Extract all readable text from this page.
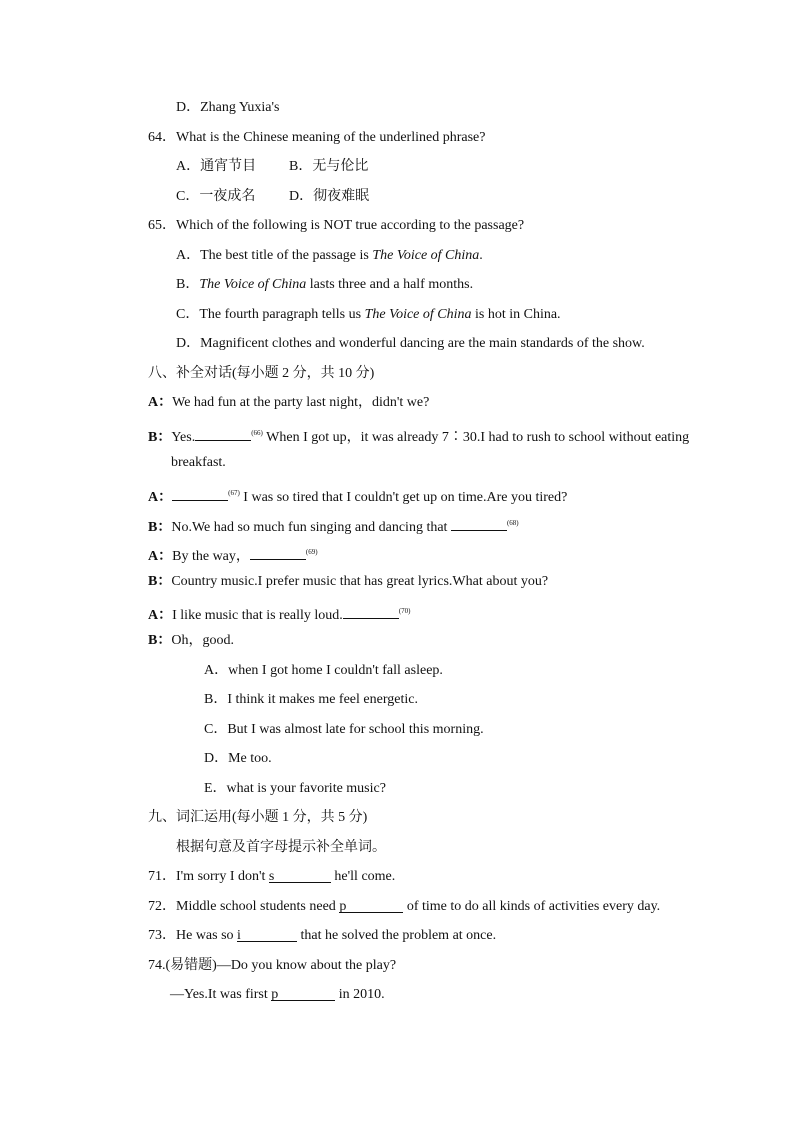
D．Zhang Yuxia's
64．What is the Chinese meaning of the underlined phrase?
A．通宵节目 B．无与伦比
C．一夜成名 D．彻夜难眠
65．Which of the following is NOT true according to the passage?
A．The best title of the passage is The Voice of China.
B．The Voice of China lasts three and a half months.
C．The fourth paragraph tells us The Voice of China is hot in China.
D．Magnificent clothes and wonderful dancing are the main standards of the show.
八、补全对话(每小题 2 分，共 10 分)
A：We had fun at the party last night，didn't we?
B：Yes.	$^{(66)}$ When I got up，it was already 7∶30.I had to rush to school without eating
breakfast.
A：	$^{(67)}$ I was so tired that I couldn't get up on time.Are you tired?
B：No.We had so much fun singing and dancing that	$^{(68)}$
A：By the way，	$^{(69)}$
B：Country music.I prefer music that has great lyrics.What about you?
A：I like music that is really loud.	$^{(70)}$
B：Oh，good.
A．when I got home I couldn't fall asleep.
B．I think it makes me feel energetic.
C．But I was almost late for school this morning.
D．Me too.
E．what is your favorite music?
九、词汇运用(每小题 1 分，共 5 分)
根据句意及首字母提示补全单词。
71．I'm sorry I don't s	he'll come.
72．Middle school students need p	of time to do all kinds of activities every day.
73．He was so i	that he solved the problem at once.
74.(易错题)—Do you know about the play?
—Yes.It was first p	in 2010.
